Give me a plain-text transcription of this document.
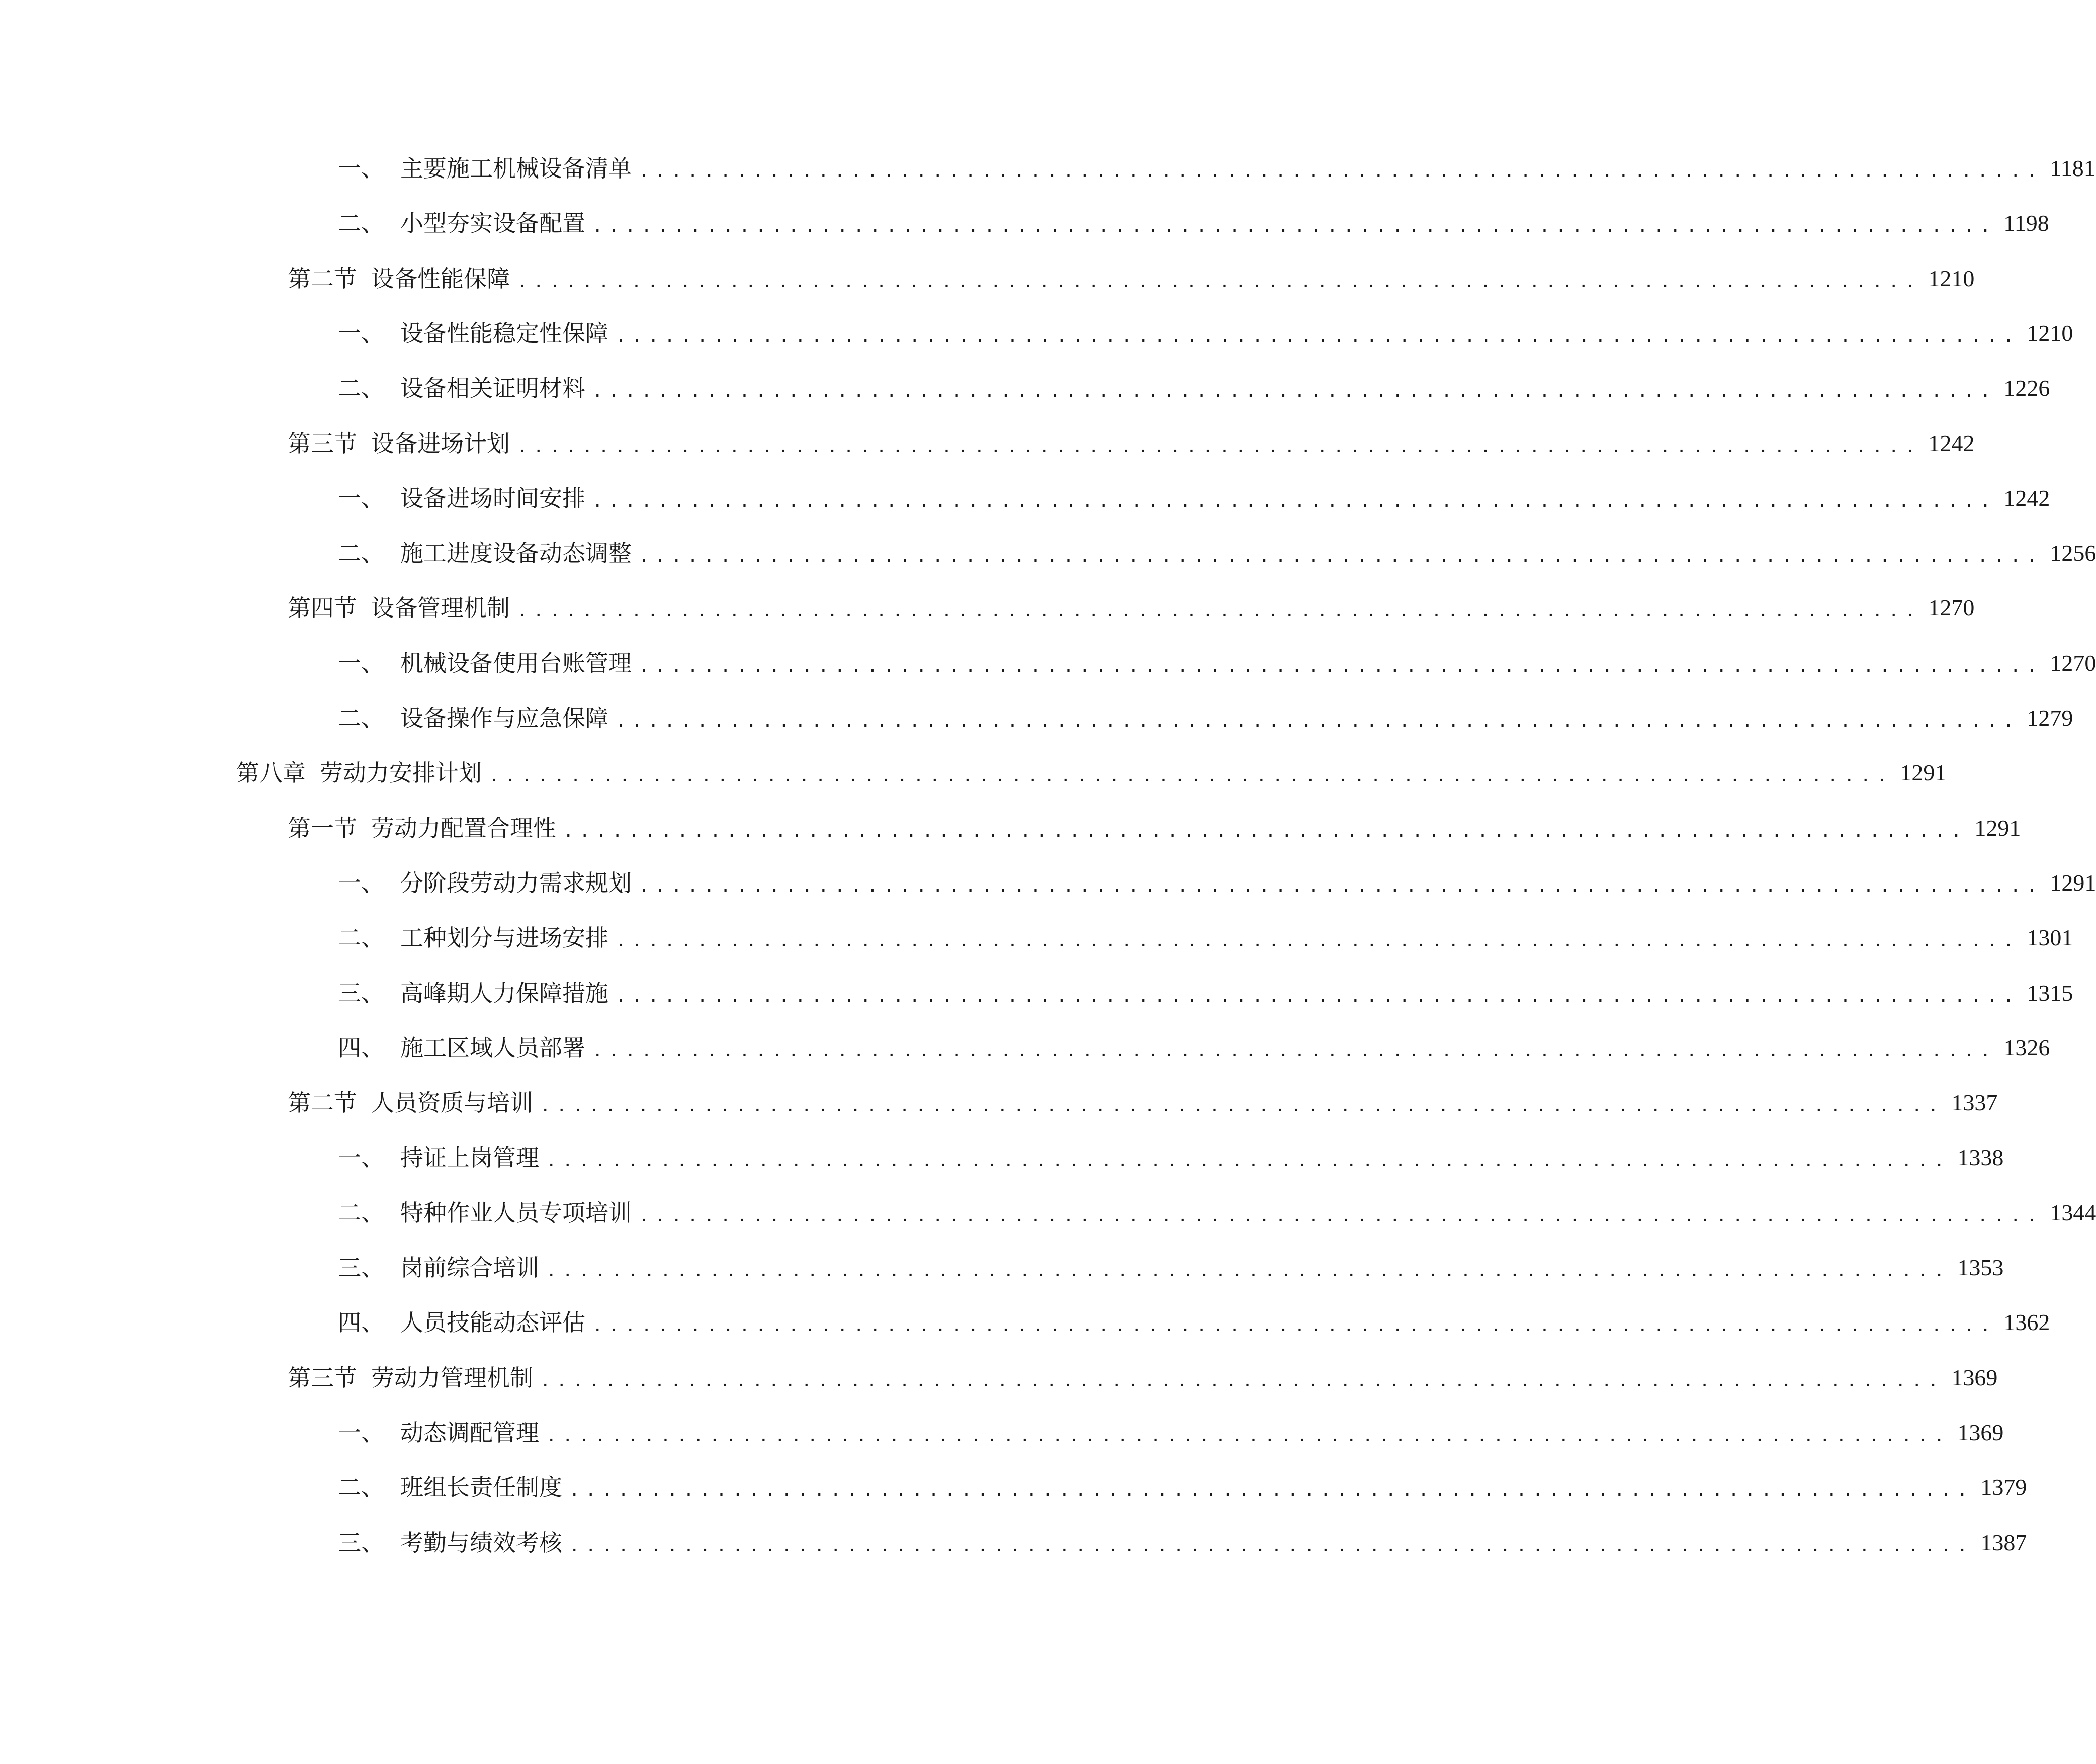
一、 主要施工机械设备清单 ...................................................................................... 1181
二、 小型夯实设备配置 ...................................................................................... 1198
第二节 设备性能保障 ...................................................................................... 1210
一、 设备性能稳定性保障 ...................................................................................... 1210
二、 设备相关证明材料 ...................................................................................... 1226
第三节 设备进场计划 ...................................................................................... 1242
一、 设备进场时间安排 ...................................................................................... 1242
二、 施工进度设备动态调整 ...................................................................................... 1256
第四节 设备管理机制 ...................................................................................... 1270
一、 机械设备使用台账管理 ...................................................................................... 1270
二、 设备操作与应急保障 ...................................................................................... 1279
第八章 劳动力安排计划 ...................................................................................... 1291
第一节 劳动力配置合理性 ...................................................................................... 1291
一、 分阶段劳动力需求规划 ...................................................................................... 1291
二、 工种划分与进场安排 ...................................................................................... 1301
三、 高峰期人力保障措施 ...................................................................................... 1315
四、 施工区域人员部署 ...................................................................................... 1326
第二节 人员资质与培训 ...................................................................................... 1337
一、 持证上岗管理 ...................................................................................... 1338
二、 特种作业人员专项培训 ...................................................................................... 1344
三、 岗前综合培训 ...................................................................................... 1353
四、 人员技能动态评估 ...................................................................................... 1362
第三节 劳动力管理机制 ...................................................................................... 1369
一、 动态调配管理 ...................................................................................... 1369
二、 班组长责任制度 ...................................................................................... 1379
三、 考勤与绩效考核 ...................................................................................... 1387
